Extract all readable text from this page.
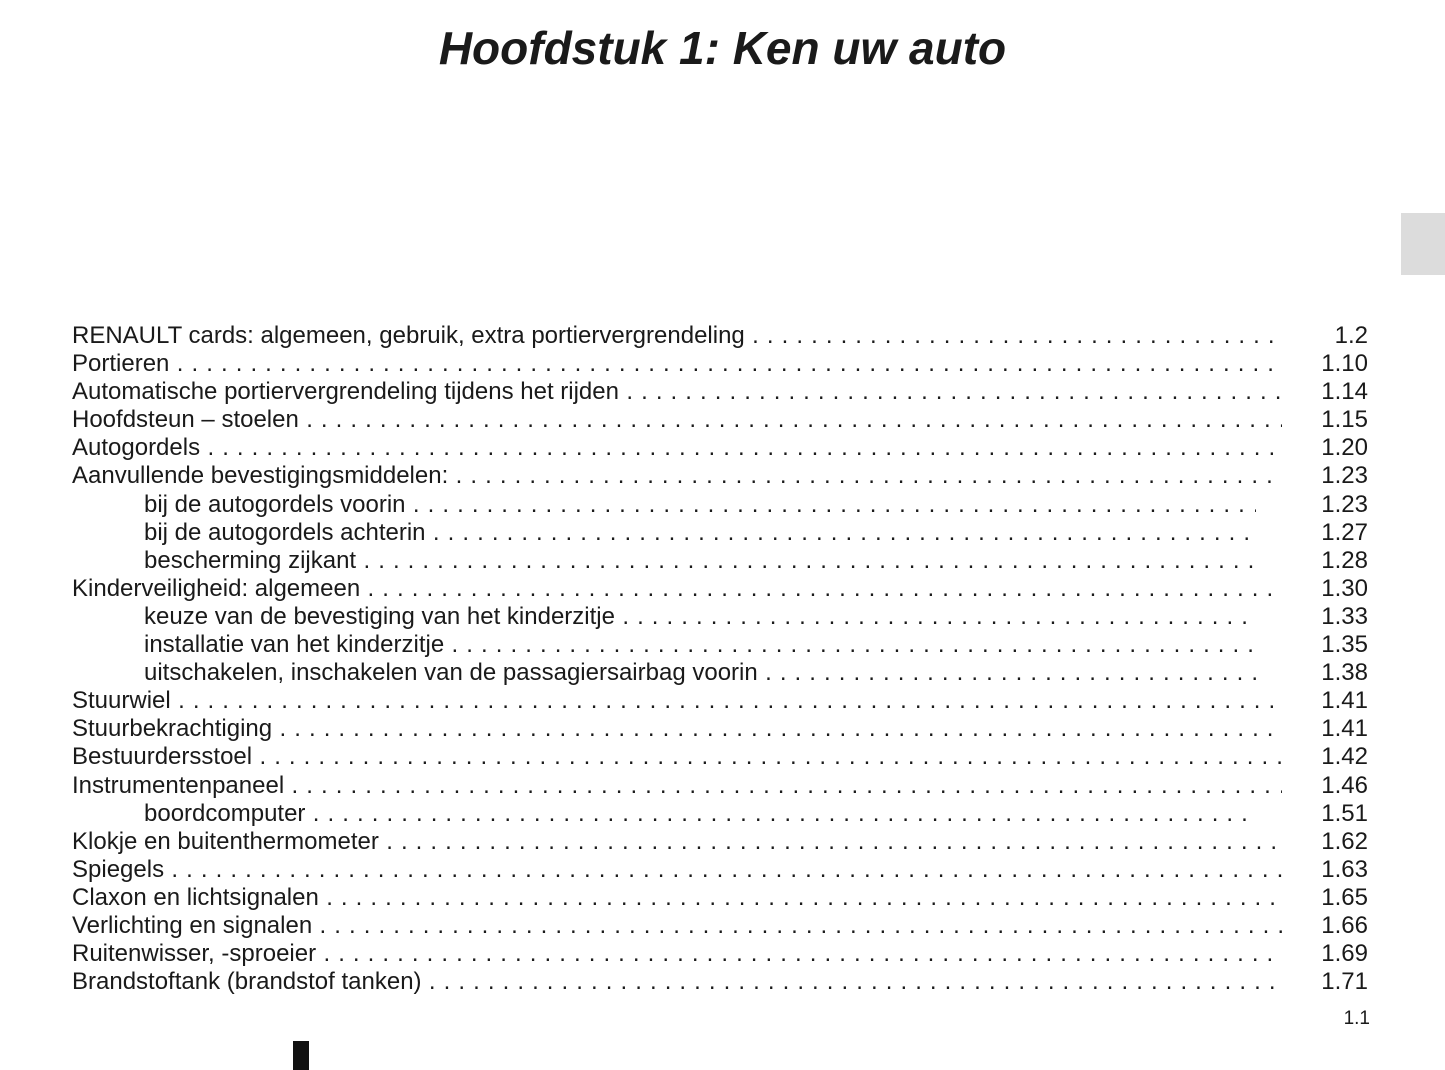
Hoofdstuk 1: Ken uw auto
RENAULT cards: algemeen, gebruik, extra portiervergrendeling . . .	1.2
Portieren . . .	1.10
Automatische portiervergrendeling tijdens het rijden . . .	1.14
Hoofdsteun – stoelen . . .	1.15
Autogordels . . .	1.20
Aanvullende bevestigingsmiddelen: . . .	1.23
bij de autogordels voorin . . .	1.23
bij de autogordels achterin . . .	1.27
bescherming zijkant . . .	1.28
Kinderveiligheid: algemeen . . .	1.30
keuze van de bevestiging van het kinderzitje . . .	1.33
installatie van het kinderzitje . . .	1.35
uitschakelen, inschakelen van de passagiersairbag voorin . . .	1.38
Stuurwiel . . .	1.41
Stuurbekrachtiging . . .	1.41
Bestuurdersstoel . . .	1.42
Instrumentenpaneel . . .	1.46
boordcomputer . . .	1.51
Klokje en buitenthermometer . . .	1.62
Spiegels . . .	1.63
Claxon en lichtsignalen . . .	1.65
Verlichting en signalen . . .	1.66
Ruitenwisser, -sproeier . . .	1.69
Brandstoftank (brandstof tanken) . . .	1.71
1.1
